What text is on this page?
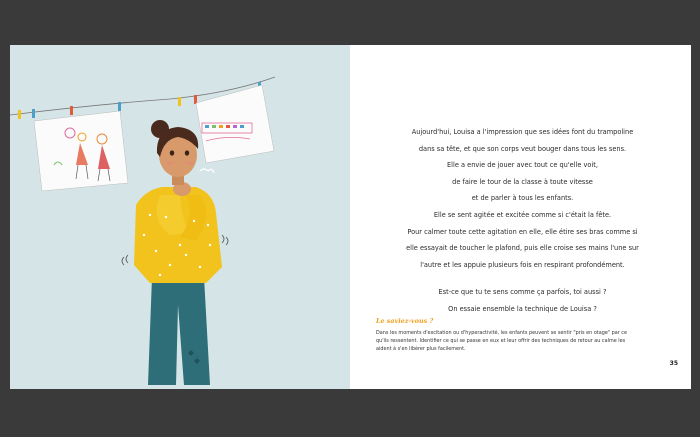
Aujourd'hui, Louisa a l'impression que ses idées font du trampoline
dans sa tête, et que son corps veut bouger dans tous les sens.
Elle a envie de jouer avec tout ce qu'elle voit,
de faire le tour de la classe à toute vitesse
et de parler à tous les enfants.
Elle se sent agitée et excitée comme si c'était la fête.
Pour calmer toute cette agitation en elle, elle étire ses bras comme si
elle essayait de toucher le plafond, puis elle croise ses mains l'une sur
l'autre et les appuie plusieurs fois en respirant profondément.
Est-ce que tu te sens comme ça parfois, toi aussi ?
On essaie ensemble la technique de Louisa ?
Le saviez-vous ?
Dans les moments d'excitation ou d'hyperactivité, les enfants peuvent se sentir "pris en otage" par ce
qu'ils ressentent. Identifier ce qui se passe en eux et leur offrir des techniques de retour au calme les
aident à s'en libérer plus facilement.
35
